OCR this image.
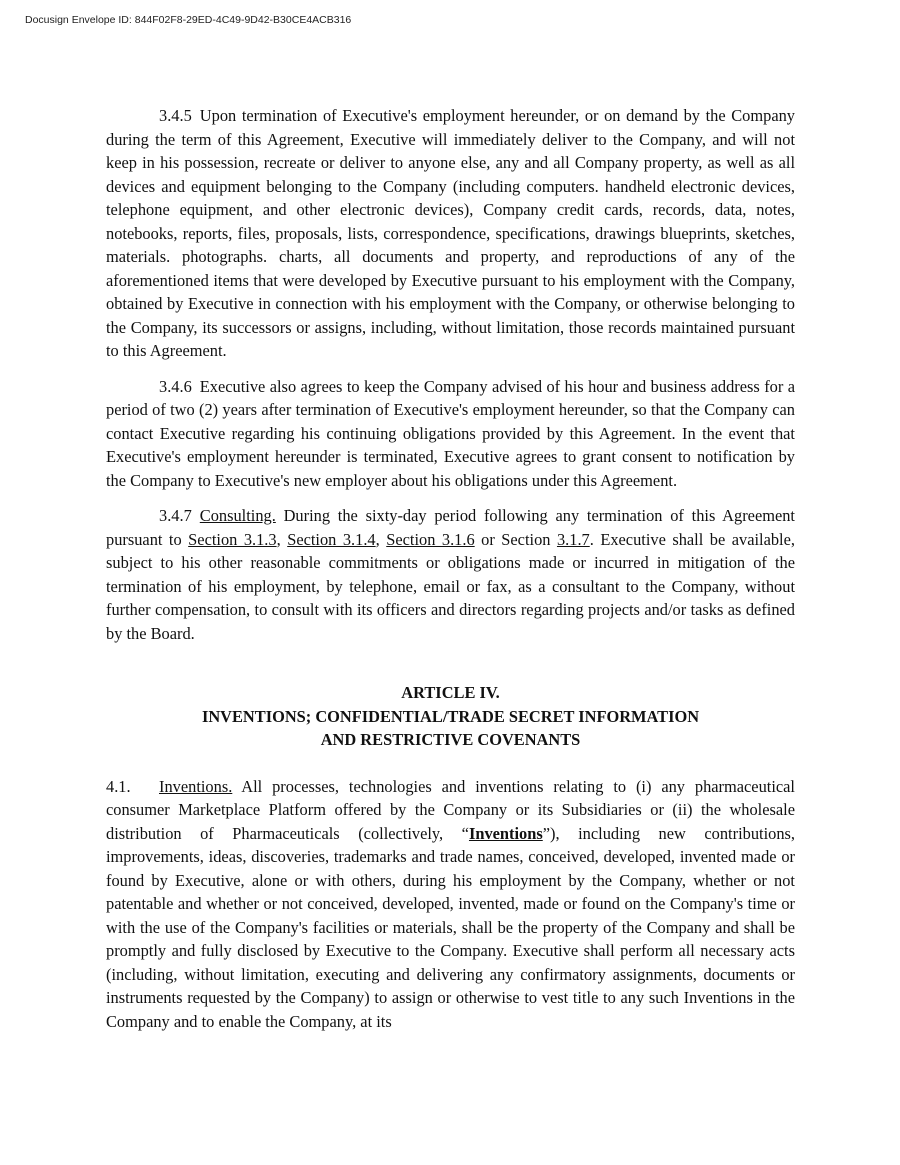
Docusign Envelope ID: 844F02F8-29ED-4C49-9D42-B30CE4ACB316

3.4.5 Upon termination of Executive's employment hereunder, or on demand by the Company during the term of this Agreement, Executive will immediately deliver to the Company, and will not keep in his possession, recreate or deliver to anyone else, any and all Company property, as well as all devices and equipment belonging to the Company (including computers. handheld electronic devices, telephone equipment, and other electronic devices), Company credit cards, records, data, notes, notebooks, reports, files, proposals, lists, correspondence, specifications, drawings blueprints, sketches, materials. photographs. charts, all documents and property, and reproductions of any of the aforementioned items that were developed by Executive pursuant to his employment with the Company, obtained by Executive in connection with his employment with the Company, or otherwise belonging to the Company, its successors or assigns, including, without limitation, those records maintained pursuant to this Agreement.

3.4.6 Executive also agrees to keep the Company advised of his hour and business address for a period of two (2) years after termination of Executive's employment hereunder, so that the Company can contact Executive regarding his continuing obligations provided by this Agreement. In the event that Executive's employment hereunder is terminated, Executive agrees to grant consent to notification by the Company to Executive's new employer about his obligations under this Agreement.

3.4.7 Consulting. During the sixty-day period following any termination of this Agreement pursuant to Section 3.1.3, Section 3.1.4, Section 3.1.6 or Section 3.1.7. Executive shall be available, subject to his other reasonable commitments or obligations made or incurred in mitigation of the termination of his employment, by telephone, email or fax, as a consultant to the Company, without further compensation, to consult with its officers and directors regarding projects and/or tasks as defined by the Board.

ARTICLE IV.
INVENTIONS; CONFIDENTIAL/TRADE SECRET INFORMATION
AND RESTRICTIVE COVENANTS

4.1. Inventions. All processes, technologies and inventions relating to (i) any pharmaceutical consumer Marketplace Platform offered by the Company or its Subsidiaries or (ii) the wholesale distribution of Pharmaceuticals (collectively, “Inventions”), including new contributions, improvements, ideas, discoveries, trademarks and trade names, conceived, developed, invented made or found by Executive, alone or with others, during his employment by the Company, whether or not patentable and whether or not conceived, developed, invented, made or found on the Company's time or with the use of the Company's facilities or materials, shall be the property of the Company and shall be promptly and fully disclosed by Executive to the Company. Executive shall perform all necessary acts (including, without limitation, executing and delivering any confirmatory assignments, documents or instruments requested by the Company) to assign or otherwise to vest title to any such Inventions in the Company and to enable the Company, at its
